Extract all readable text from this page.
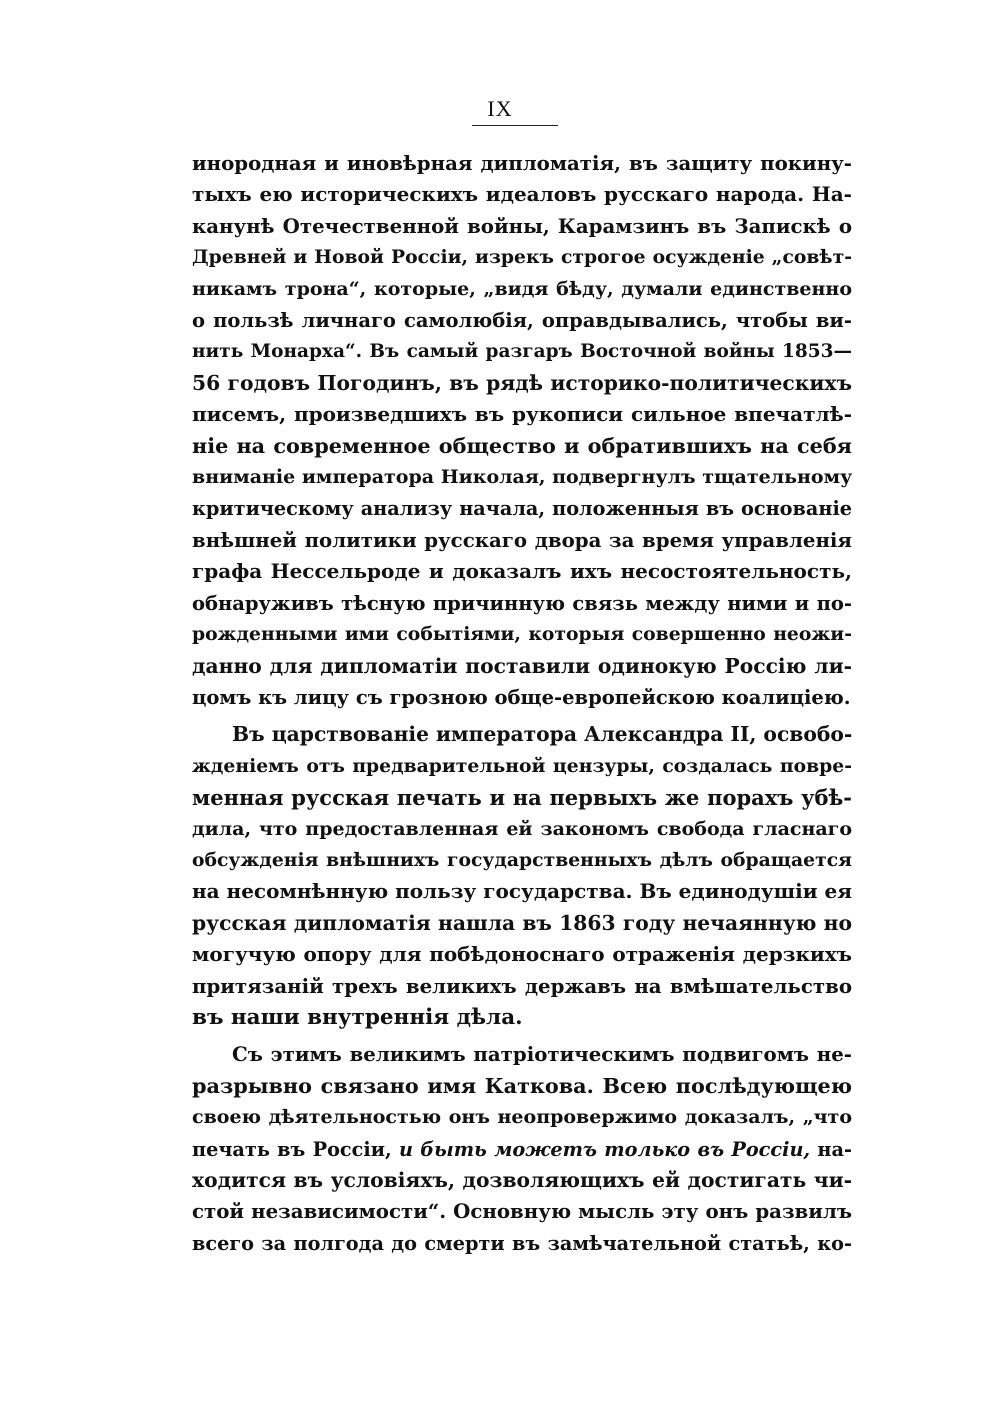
IX

инородная и иновѣрная дипломатія, въ защиту покину-
тыхъ ею историческихъ идеаловъ русскаго народа. На-
канунѣ Отечественной войны, Карамзинъ въ Запискѣ о
Древней и Новой Россіи, изрекъ строгое осужденіе „совѣт-
никамъ трона“, которые, „видя бѣду, думали единственно
о пользѣ личнаго самолюбія, оправдывались, чтобы ви-
нить Монарха“. Въ самый разгаръ Восточной войны 1853—
56 годовъ Погодинъ, въ рядѣ историко-политическихъ
писемъ, произведшихъ въ рукописи сильное впечатлѣ-
ніе на современное общество и обратившихъ на себя
вниманіе императора Николая, подвергнулъ тщательному
критическому анализу начала, положенныя въ основаніе
внѣшней политики русскаго двора за время управленія
графа Нессельроде и доказалъ ихъ несостоятельность,
обнаруживъ тѣсную причинную связь между ними и по-
рожденными ими событіями, которыя совершенно неожи-
данно для дипломатіи поставили одинокую Россію ли-
цомъ къ лицу съ грозною обще-европейскою коалиціею.

Въ царствованіе императора Александра II, освобо-
жденіемъ отъ предварительной цензуры, создалась повре-
менная русская печать и на первыхъ же порахъ убѣ-
дила, что предоставленная ей закономъ свобода гласнаго
обсужденія внѣшнихъ государственныхъ дѣлъ обращается
на несомнѣнную пользу государства. Въ единодушіи ея
русская дипломатія нашла въ 1863 году нечаянную но
могучую опору для побѣдоноснаго отраженія дерзкихъ
притязаній трехъ великихъ державъ на вмѣшательство
въ наши внутреннія дѣла.

Съ этимъ великимъ патріотическимъ подвигомъ не-
разрывно связано имя Каткова. Всею послѣдующею
своею дѣятельностью онъ неопровержимо доказалъ, „что
печать въ Россіи, и быть можетъ только въ Россіи, на-
ходится въ условіяхъ, дозволяющихъ ей достигать чи-
стой независимости“. Основную мысль эту онъ развилъ
всего за полгода до смерти въ замѣчательной статьѣ, ко-
